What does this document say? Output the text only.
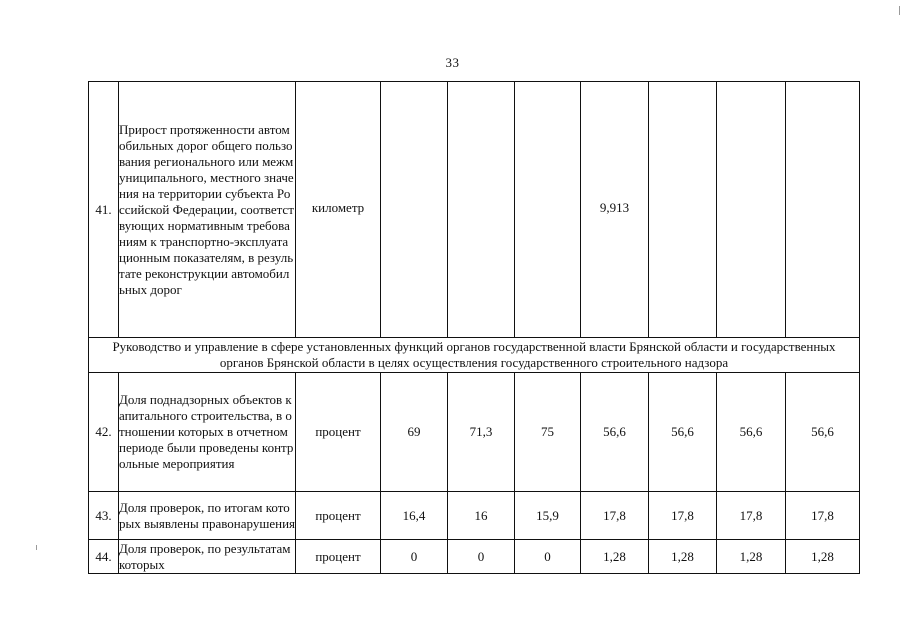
33
41.	Прирост протяженности автомобильных дорог общего пользования регионального или межмуниципального, местного значения на территории субъекта Российской Федерации, соответствующих нормативным требованиям к транспортно-эксплуатационным показателям, в результате реконструкции автомобильных дорог	километр				9,913			

Руководство и управление в сфере установленных функций органов государственной власти Брянской области и государственных органов Брянской области в целях осуществления государственного строительного надзора									
42.	Доля поднадзорных объектов капитального строительства, в отношении которых в отчетном периоде были проведены контрольные мероприятия	процент	69	71,3	75	56,6	56,6	56,6	56,6
43.	Доля проверок, по итогам которых выявлены правонарушения	процент	16,4	16	15,9	17,8	17,8	17,8	17,8
44.	Доля проверок, по результатам которых	процент	0	0	0	1,28	1,28	1,28	1,28
